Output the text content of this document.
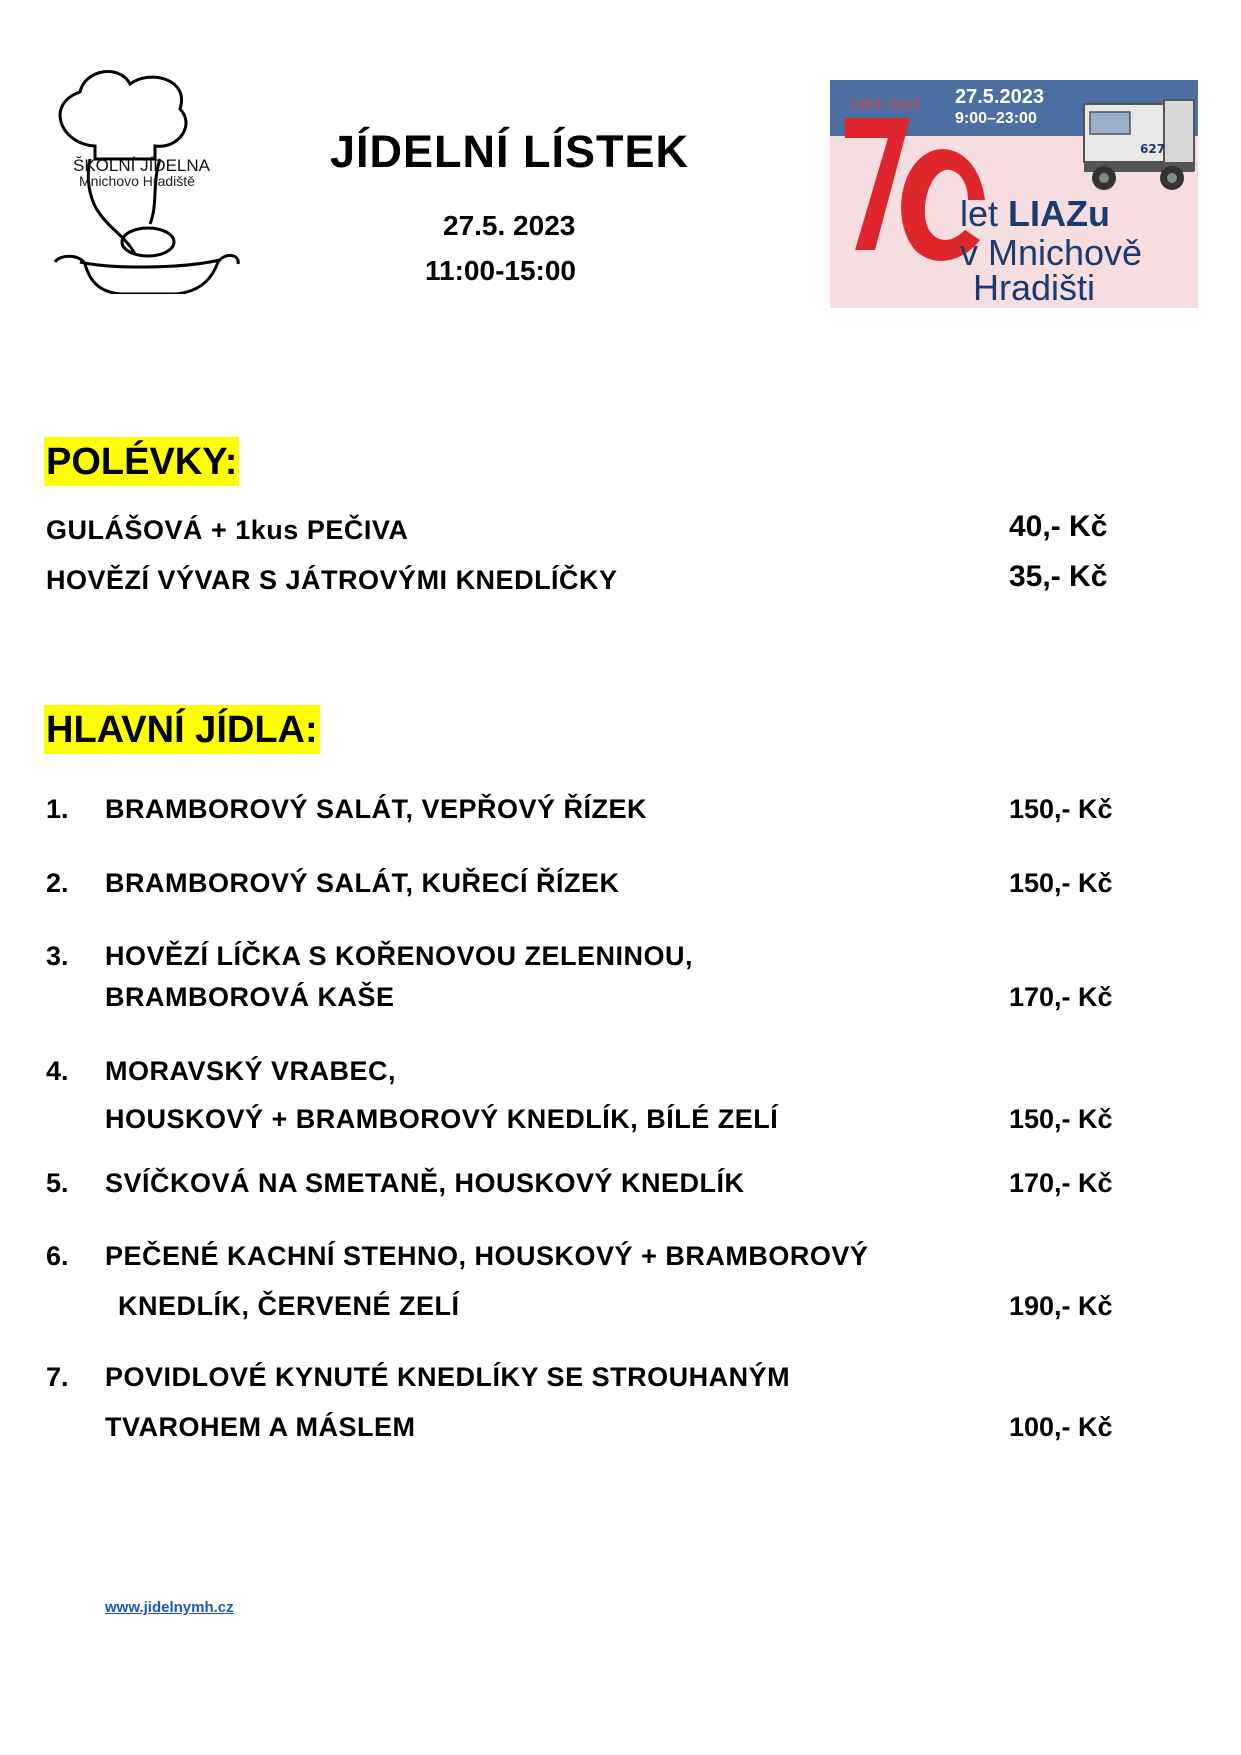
ŠKOLNÍ JÍDELNA
Mnichovo Hradiště
JÍDELNÍ LÍSTEK
27.5. 2023
11:00-15:00
1953–2023 27.5.2023
9:00–23:00
627
let LIAZu
v Mnichově
Hradišti
POLÉVKY:
GULÁŠOVÁ + 1kus PEČIVA	40,- Kč
HOVĚZÍ VÝVAR S JÁTROVÝMI KNEDLÍČKY	35,- Kč
HLAVNÍ JÍDLA:
1. BRAMBOROVÝ SALÁT, VEPŘOVÝ ŘÍZEK	150,- Kč
2. BRAMBOROVÝ SALÁT, KUŘECÍ ŘÍZEK	150,- Kč
3. HOVĚZÍ LÍČKA S KOŘENOVOU ZELENINOU,
BRAMBOROVÁ KAŠE	170,- Kč
4. MORAVSKÝ VRABEC,
HOUSKOVÝ + BRAMBOROVÝ KNEDLÍK, BÍLÉ ZELÍ	150,- Kč
5. SVÍČKOVÁ NA SMETANĚ, HOUSKOVÝ KNEDLÍK	170,- Kč
6. PEČENÉ KACHNÍ STEHNO, HOUSKOVÝ + BRAMBOROVÝ
KNEDLÍK, ČERVENÉ ZELÍ	190,- Kč
7. POVIDLOVÉ KYNUTÉ KNEDLÍKY SE STROUHANÝM
TVAROHEM A MÁSLEM	100,- Kč
www.jidelnymh.cz
